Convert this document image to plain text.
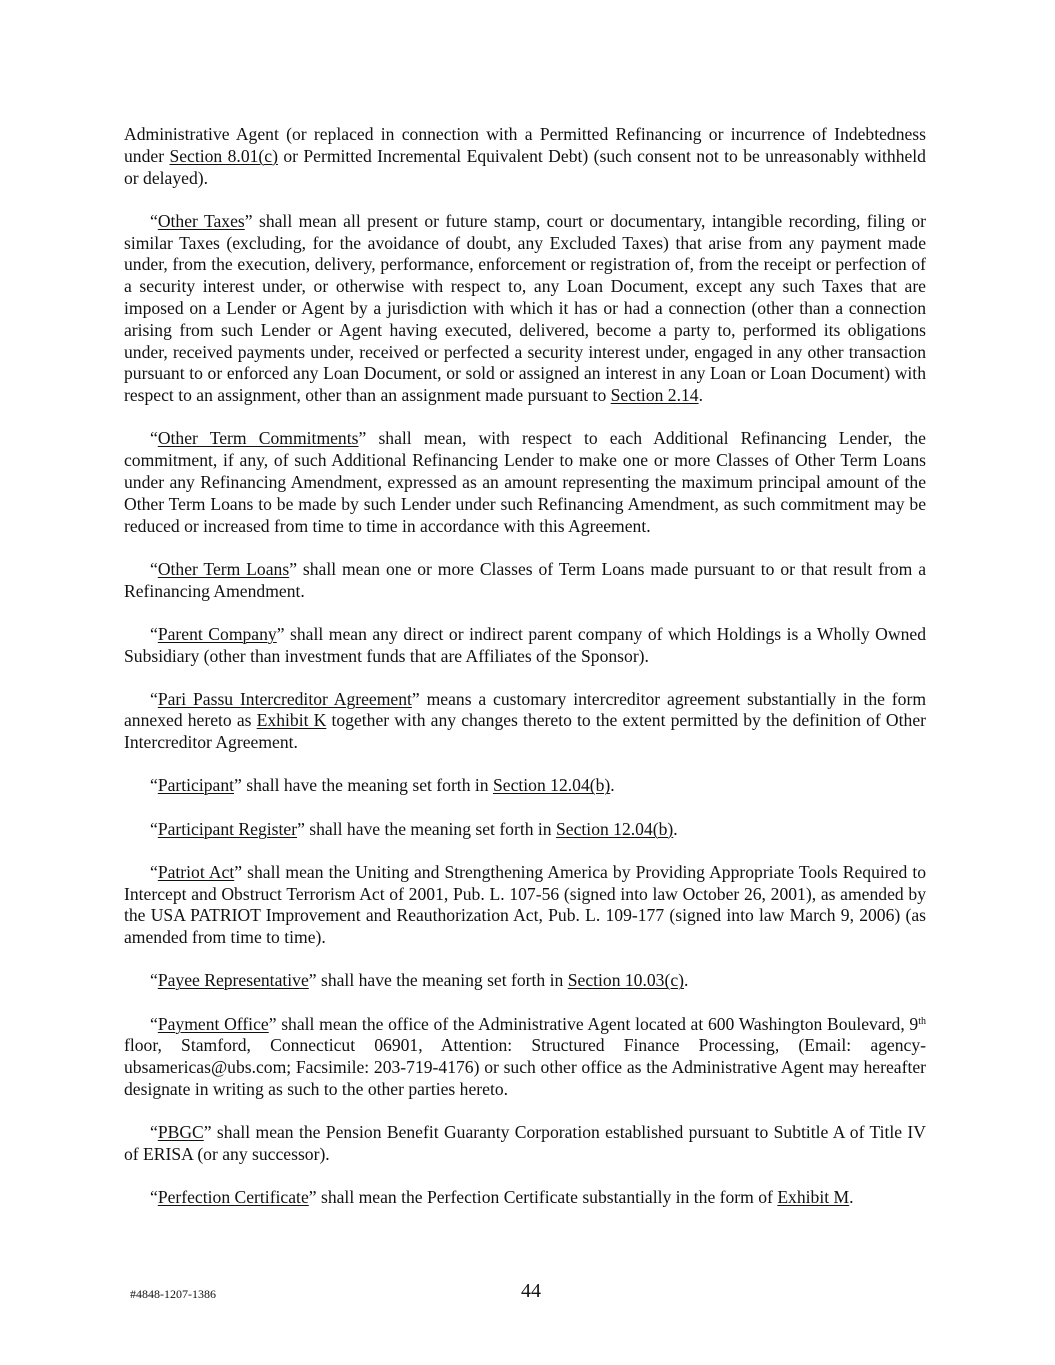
Administrative Agent (or replaced in connection with a Permitted Refinancing or incurrence of Indebtedness under Section 8.01(c) or Permitted Incremental Equivalent Debt) (such consent not to be unreasonably withheld or delayed).

“Other Taxes” shall mean all present or future stamp, court or documentary, intangible recording, filing or similar Taxes (excluding, for the avoidance of doubt, any Excluded Taxes) that arise from any payment made under, from the execution, delivery, performance, enforcement or registration of, from the receipt or perfection of a security interest under, or otherwise with respect to, any Loan Document, except any such Taxes that are imposed on a Lender or Agent by a jurisdiction with which it has or had a connection (other than a connection arising from such Lender or Agent having executed, delivered, become a party to, performed its obligations under, received payments under, received or perfected a security interest under, engaged in any other transaction pursuant to or enforced any Loan Document, or sold or assigned an interest in any Loan or Loan Document) with respect to an assignment, other than an assignment made pursuant to Section 2.14.

“Other Term Commitments” shall mean, with respect to each Additional Refinancing Lender, the commitment, if any, of such Additional Refinancing Lender to make one or more Classes of Other Term Loans under any Refinancing Amendment, expressed as an amount representing the maximum principal amount of the Other Term Loans to be made by such Lender under such Refinancing Amendment, as such commitment may be reduced or increased from time to time in accordance with this Agreement.

“Other Term Loans” shall mean one or more Classes of Term Loans made pursuant to or that result from a Refinancing Amendment.

“Parent Company” shall mean any direct or indirect parent company of which Holdings is a Wholly Owned Subsidiary (other than investment funds that are Affiliates of the Sponsor).

“Pari Passu Intercreditor Agreement” means a customary intercreditor agreement substantially in the form annexed hereto as Exhibit K together with any changes thereto to the extent permitted by the definition of Other Intercreditor Agreement.

“Participant” shall have the meaning set forth in Section 12.04(b).

“Participant Register” shall have the meaning set forth in Section 12.04(b).

“Patriot Act” shall mean the Uniting and Strengthening America by Providing Appropriate Tools Required to Intercept and Obstruct Terrorism Act of 2001, Pub. L. 107-56 (signed into law October 26, 2001), as amended by the USA PATRIOT Improvement and Reauthorization Act, Pub. L. 109-177 (signed into law March 9, 2006) (as amended from time to time).

“Payee Representative” shall have the meaning set forth in Section 10.03(c).

“Payment Office” shall mean the office of the Administrative Agent located at 600 Washington Boulevard, 9th floor, Stamford, Connecticut 06901, Attention: Structured Finance Processing, (Email: agency-ubsamericas@ubs.com; Facsimile: 203-719-4176) or such other office as the Administrative Agent may hereafter designate in writing as such to the other parties hereto.

“PBGC” shall mean the Pension Benefit Guaranty Corporation established pursuant to Subtitle A of Title IV of ERISA (or any successor).

“Perfection Certificate” shall mean the Perfection Certificate substantially in the form of Exhibit M.

#4848-1207-1386	44
